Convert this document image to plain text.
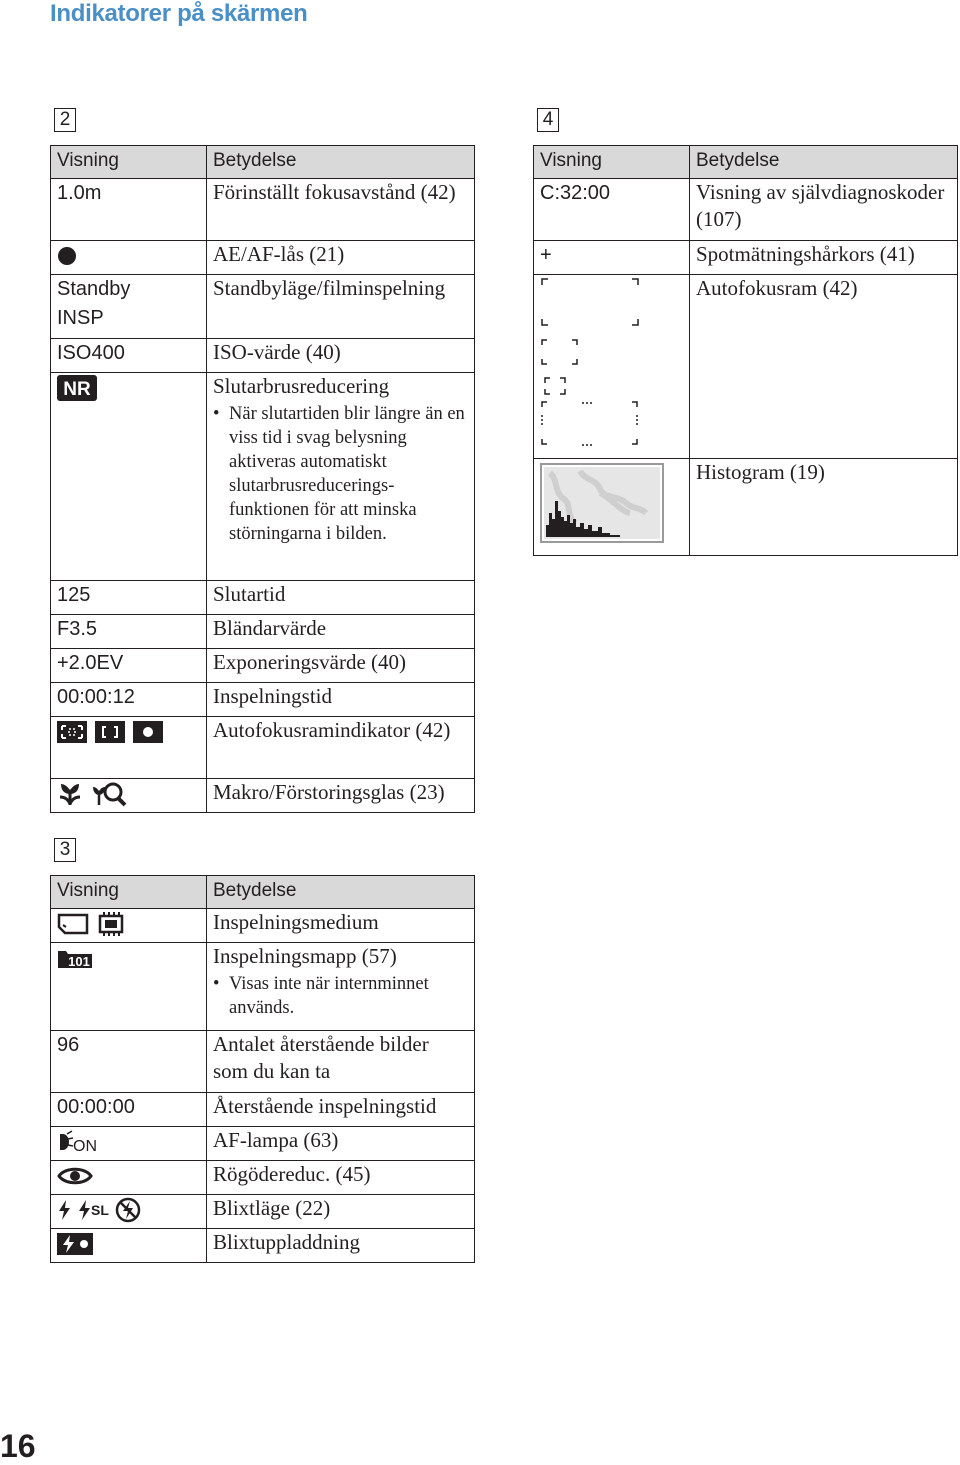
Indikatorer på skärmen
2
Visning	Betydelse
1.0m	Förinställt fokusavstånd (42)

	AE/AF-lås (21)

Standby
INSP	Standbyläge/filminspelning
ISO400	ISO-värde (40)

NR	Slutarbrusreducering
• När slutartiden blir längre än en viss tid i svag belysning aktiveras automatiskt slutarbrusreducerings-funktionen för att minska störningarna i bilden.

125	Slutartid
F3.5	Bländarvärde
+2.0EV	Exponeringsvärde (40)
00:00:12	Inspelningstid

	Autofokusramindikator (42)

	Makro/Förstoringsglas (23)
3
Visning	Betydelse

	Inspelningsmedium

101	Inspelningsmapp (57)
• Visas inte när internminnet används.

96	Antalet återstående bilder som du kan ta
00:00:00	Återstående inspelningstid

ON	AF-lampa (63)

	Rögödereduc. (45)

SL	Blixtläge (22)

	Blixtuppladdning
4
Visning	Betydelse
C:32:00	Visning av självdiagnoskoder (107)
+	Spotmätningshårkors (41)

	Autofokusram (42)

	Histogram (19)
16
